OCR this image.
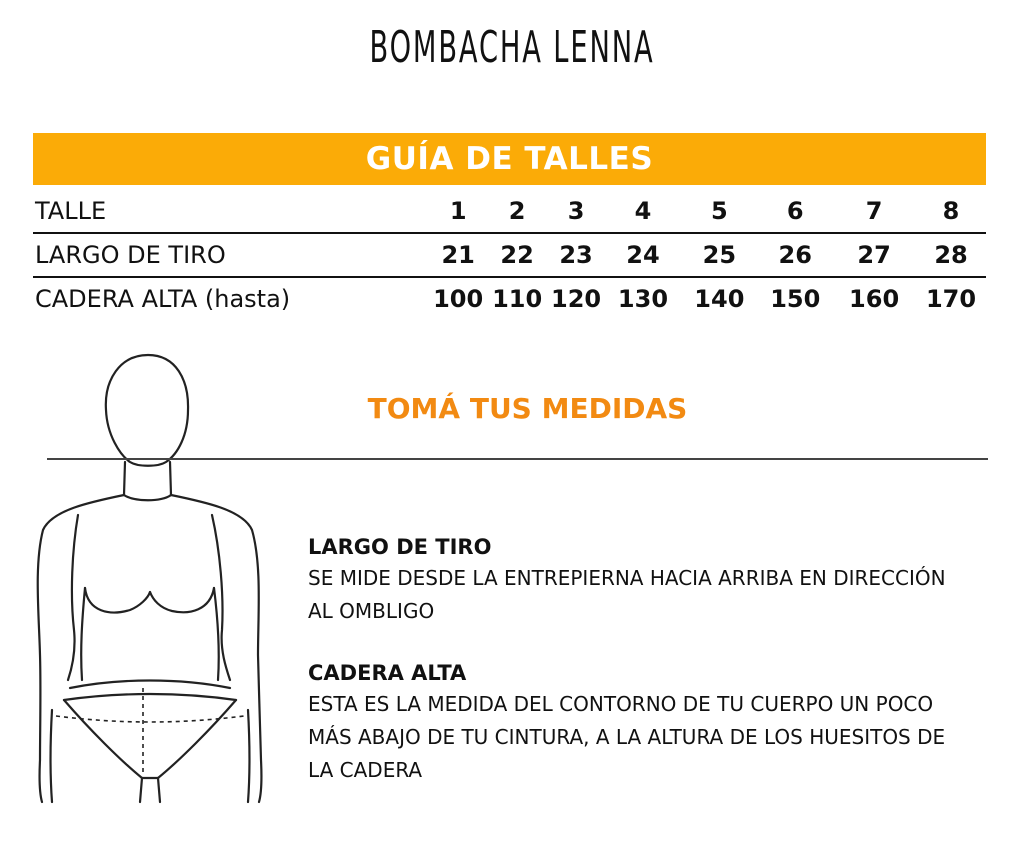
BOMBACHA LENNA
GUÍA DE TALLES
TALLE	1	2	3	4	5	6	7	8
LARGO DE TIRO	21	22	23	24	25	26	27	28
CADERA ALTA (hasta)	100	110	120	130	140	150	160	170
TOMÁ TUS MEDIDAS

LARGO DE TIRO

SE MIDE DESDE LA ENTREPIERNA HACIA ARRIBA EN DIRECCIÓN AL OMBLIGO

CADERA ALTA

ESTA ES LA MEDIDA DEL CONTORNO DE TU CUERPO UN POCO MÁS ABAJO DE TU CINTURA, A LA ALTURA DE LOS HUESITOS DE LA CADERA
